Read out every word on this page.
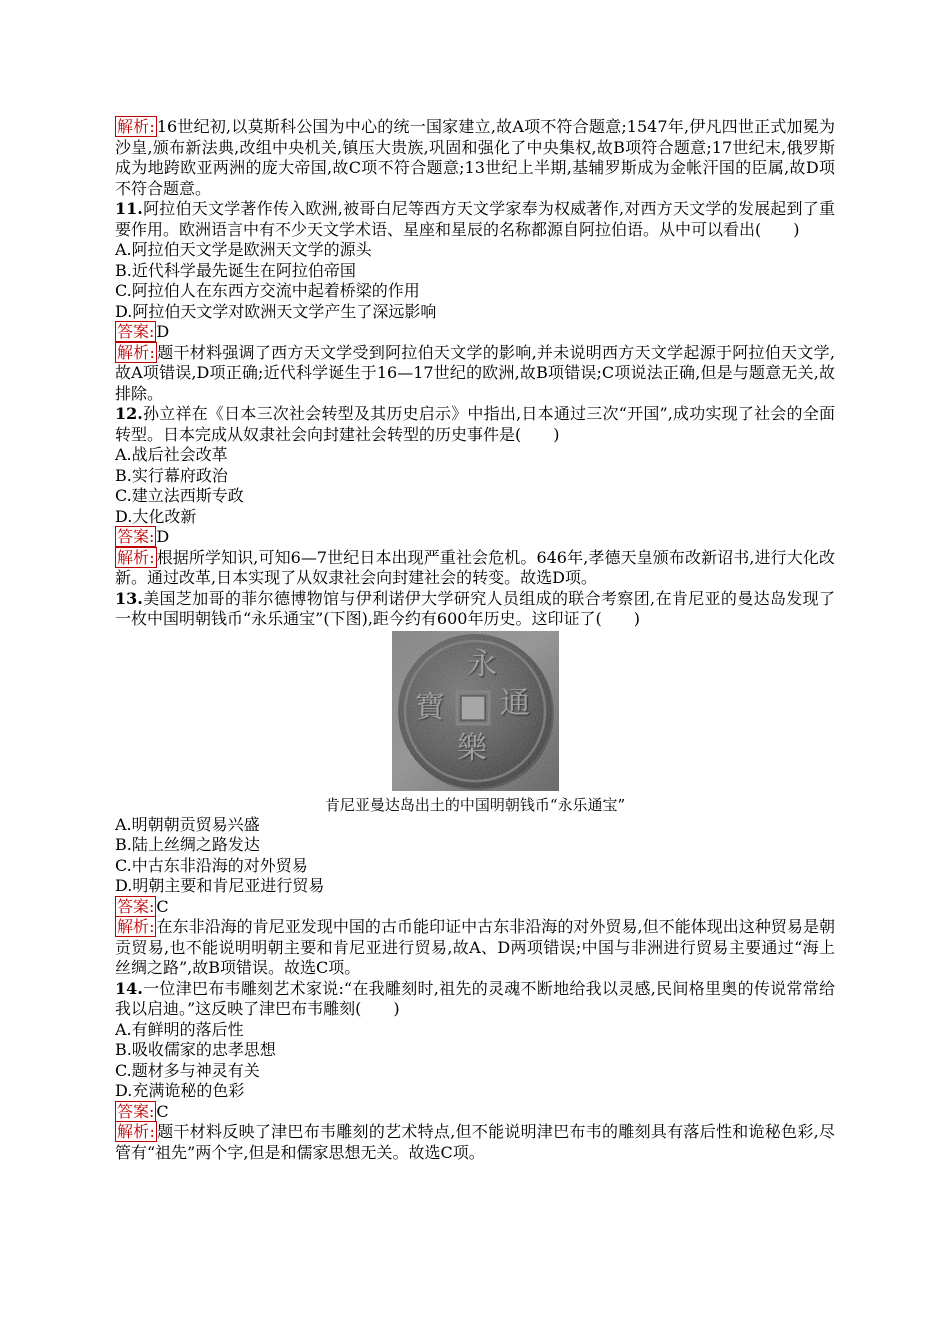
解析: 16世纪初,以莫斯科公国为中心的统一国家建立,故A项不符合题意;1547年,伊凡四世正式加冕为沙皇,颁布新法典,改组中央机关,镇压大贵族,巩固和强化了中央集权,故B项符合题意;17世纪末,俄罗斯成为地跨欧亚两洲的庞大帝国,故C项不符合题意;13世纪上半期,基辅罗斯成为金帐汗国的臣属,故D项不符合题意。

11.阿拉伯天文学著作传入欧洲,被哥白尼等西方天文学家奉为权威著作,对西方天文学的发展起到了重要作用。欧洲语言中有不少天文学术语、星座和星辰的名称都源自阿拉伯语。从中可以看出(　　)

A.阿拉伯天文学是欧洲天文学的源头

B.近代科学最先诞生在阿拉伯帝国

C.阿拉伯人在东西方交流中起着桥梁的作用

D.阿拉伯天文学对欧洲天文学产生了深远影响

答案: D

解析: 题干材料强调了西方天文学受到阿拉伯天文学的影响,并未说明西方天文学起源于阿拉伯天文学,故A项错误,D项正确;近代科学诞生于16—17世纪的欧洲,故B项错误;C项说法正确,但是与题意无关,故排除。

12.孙立祥在《日本三次社会转型及其历史启示》中指出,日本通过三次“开国”,成功实现了社会的全面转型。日本完成从奴隶社会向封建社会转型的历史事件是(　　)

A.战后社会改革

B.实行幕府政治

C.建立法西斯专政

D.大化改新

答案: D

解析: 根据所学知识,可知6—7世纪日本出现严重社会危机。646年,孝德天皇颁布改新诏书,进行大化改新。通过改革,日本实现了从奴隶社会向封建社会的转变。故选D项。

13.美国芝加哥的菲尔德博物馆与伊利诺伊大学研究人员组成的联合考察团,在肯尼亚的曼达岛发现了一枚中国明朝钱币“永乐通宝”(下图),距今约有600年历史。这印证了(　　)

肯尼亚曼达岛出土的中国明朝钱币“永乐通宝”

A.明朝朝贡贸易兴盛

B.陆上丝绸之路发达

C.中古东非沿海的对外贸易

D.明朝主要和肯尼亚进行贸易

答案: C

解析: 在东非沿海的肯尼亚发现中国的古币能印证中古东非沿海的对外贸易,但不能体现出这种贸易是朝贡贸易,也不能说明明朝主要和肯尼亚进行贸易,故A、D两项错误;中国与非洲进行贸易主要通过“海上丝绸之路”,故B项错误。故选C项。

14.一位津巴布韦雕刻艺术家说:“在我雕刻时,祖先的灵魂不断地给我以灵感,民间格里奥的传说常常给我以启迪。”这反映了津巴布韦雕刻(　　)

A.有鲜明的落后性

B.吸收儒家的忠孝思想

C.题材多与神灵有关

D.充满诡秘的色彩

答案: C

解析: 题干材料反映了津巴布韦雕刻的艺术特点,但不能说明津巴布韦的雕刻具有落后性和诡秘色彩,尽管有“祖先”两个字,但是和儒家思想无关。故选C项。
